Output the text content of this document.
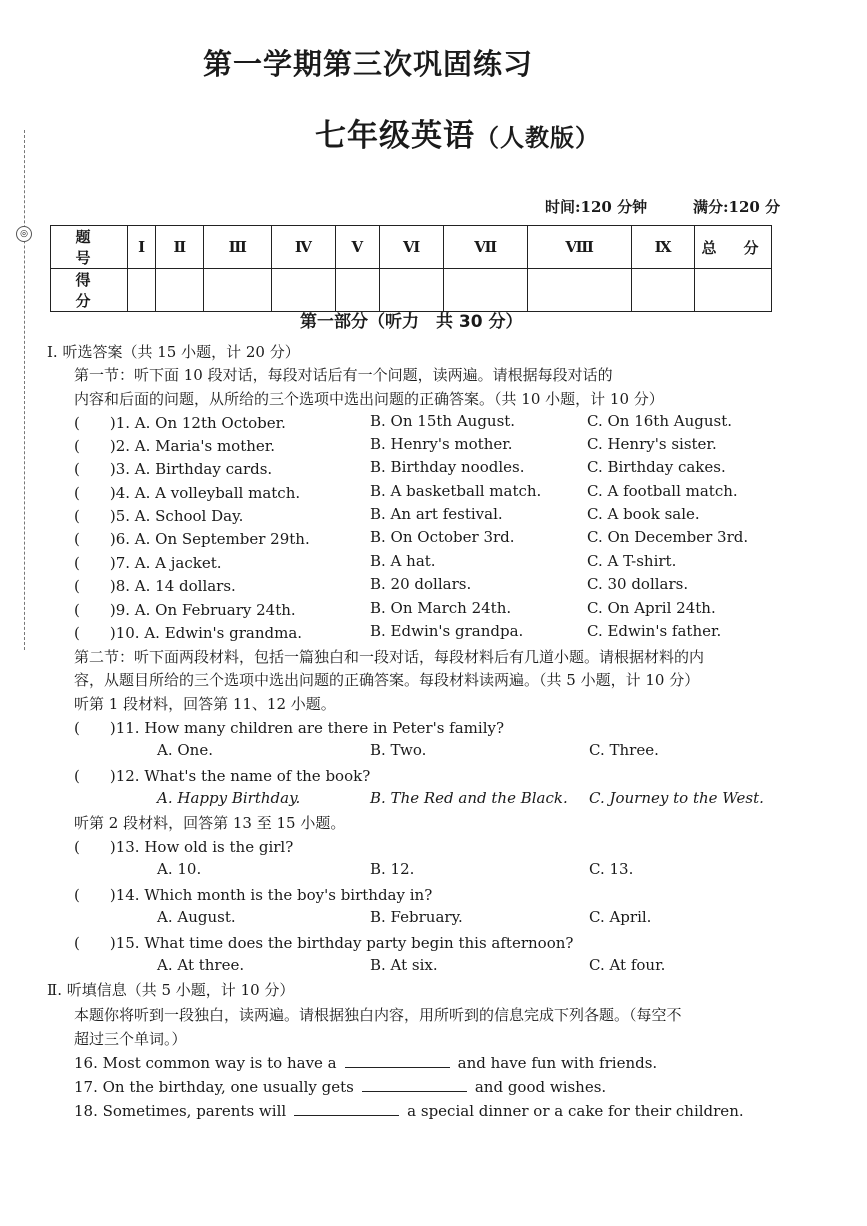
◎
第一学期第三次巩固练习
七年级英语（人教版）
时间:120 分钟	满分:120 分
题　号	Ⅰ	Ⅱ	Ⅲ	Ⅳ	Ⅴ	Ⅵ	Ⅶ	Ⅷ	Ⅸ	总　分
得　分										
第一部分（听力　共 30 分）
Ⅰ. 听选答案（共 15 小题，计 20 分）
第一节：听下面 10 段对话，每段对话后有一个问题，读两遍。请根据每段对话的
内容和后面的问题，从所给的三个选项中选出问题的正确答案。（共 10 小题，计 10 分）
(　　)1. A. On 12th October.	B. On 15th August.	C. On 16th August.
(　　)2. A. Maria's mother.	B. Henry's mother.	C. Henry's sister.
(　　)3. A. Birthday cards.	B. Birthday noodles.	C. Birthday cakes.
(　　)4. A. A volleyball match.	B. A basketball match.	C. A football match.
(　　)5. A. School Day.	B. An art festival.	C. A book sale.
(　　)6. A. On September 29th.	B. On October 3rd.	C. On December 3rd.
(　　)7. A. A jacket.	B. A hat.	C. A T-shirt.
(　　)8. A. 14 dollars.	B. 20 dollars.	C. 30 dollars.
(　　)9. A. On February 24th.	B. On March 24th.	C. On April 24th.
(　　)10. A. Edwin's grandma.	B. Edwin's grandpa.	C. Edwin's father.
第二节：听下面两段材料，包括一篇独白和一段对话，每段材料后有几道小题。请根据材料的内
容，从题目所给的三个选项中选出问题的正确答案。每段材料读两遍。（共 5 小题，计 10 分）
听第 1 段材料，回答第 11、12 小题。
(　　)11. How many children are there in Peter's family?
A. One.	B. Two.	C. Three.
(　　)12. What's the name of the book?
A. Happy Birthday.	B. The Red and the Black. C. Journey to the West.
听第 2 段材料，回答第 13 至 15 小题。
(　　)13. How old is the girl?
A. 10.	B. 12.	C. 13.
(　　)14. Which month is the boy's birthday in?
A. August.	B. February.	C. April.
(　　)15. What time does the birthday party begin this afternoon?
A. At three.	B. At six.	C. At four.
Ⅱ. 听填信息（共 5 小题，计 10 分）
本题你将听到一段独白，读两遍。请根据独白内容，用所听到的信息完成下列各题。（每空不
超过三个单词。）
16. Most common way is to have a	and have fun with friends.
17. On the birthday, one usually gets	and good wishes.
18. Sometimes, parents will	a special dinner or a cake for their children.
